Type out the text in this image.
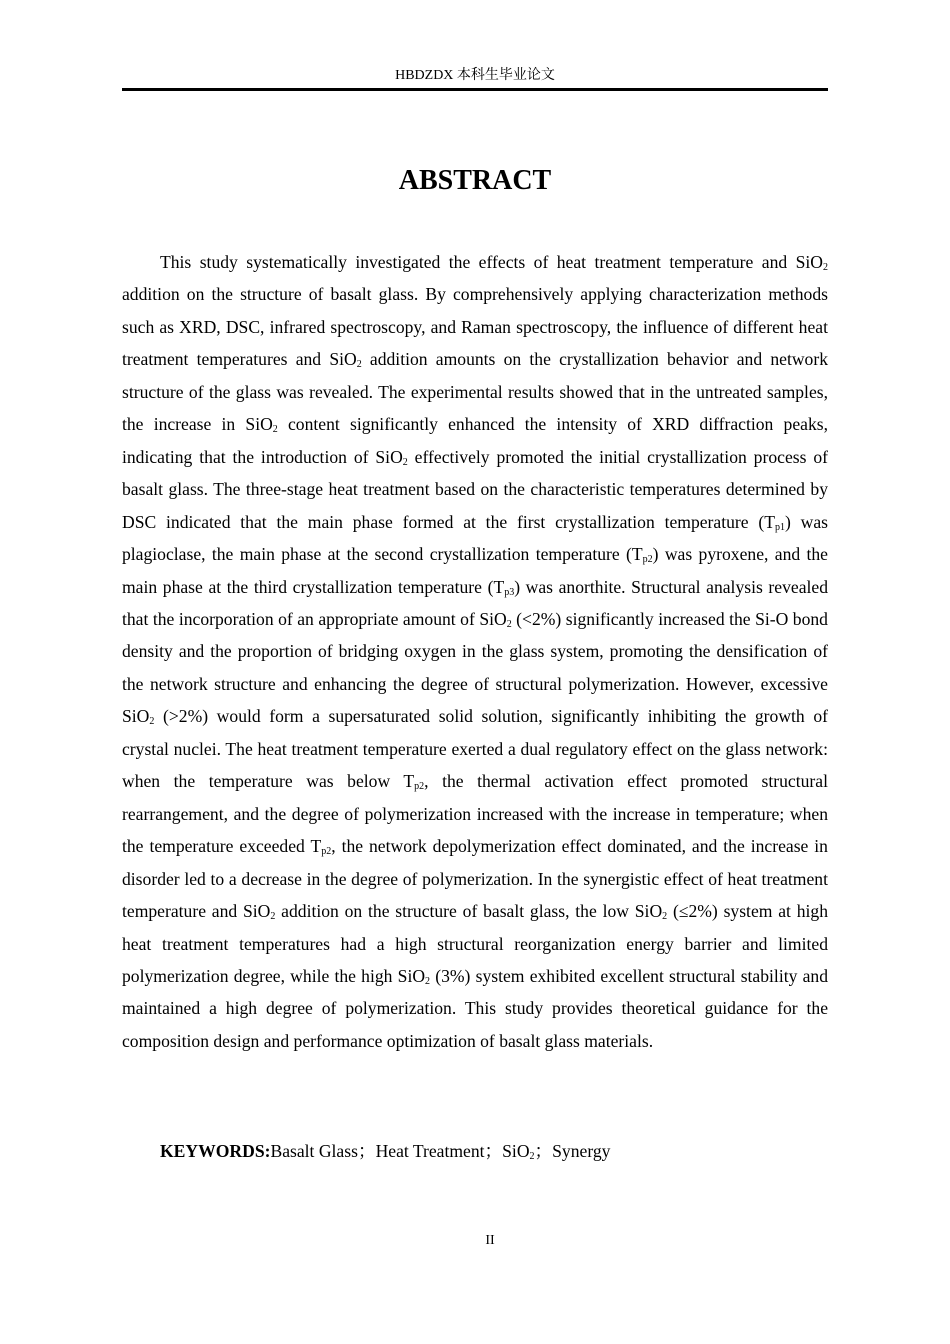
HBDZDX 本科生毕业论文
ABSTRACT

This study systematically investigated the effects of heat treatment temperature and SiO$_2$ addition on the structure of basalt glass. By comprehensively applying characterization methods such as XRD, DSC, infrared spectroscopy, and Raman spectroscopy, the influence of different heat treatment temperatures and SiO$_2$ addition amounts on the crystallization behavior and network structure of the glass was revealed. The experimental results showed that in the untreated samples, the increase in SiO$_2$ content significantly enhanced the intensity of XRD diffraction peaks, indicating that the introduction of SiO$_2$ effectively promoted the initial crystallization process of basalt glass. The three-stage heat treatment based on the characteristic temperatures determined by DSC indicated that the main phase formed at the first crystallization temperature $(T_{p1})$ was plagioclase, the main phase at the second crystallization temperature $(T_{p2})$ was pyroxene, and the main phase at the third crystallization temperature $(T_{p3})$ was anorthite. Structural analysis revealed that the incorporation of an appropriate amount of SiO$_2$ (<2%) significantly increased the Si-O bond density and the proportion of bridging oxygen in the glass system, promoting the densification of the network structure and enhancing the degree of structural polymerization. However, excessive SiO$_2$ (>2%) would form a supersaturated solid solution, significantly inhibiting the growth of crystal nuclei. The heat treatment temperature exerted a dual regulatory effect on the glass network: when the temperature was below $T_{p2}$, the thermal activation effect promoted structural rearrangement, and the degree of polymerization increased with the increase in temperature; when the temperature exceeded $T_{p2}$, the network depolymerization effect dominated, and the increase in disorder led to a decrease in the degree of polymerization. In the synergistic effect of heat treatment temperature and SiO$_2$ addition on the structure of basalt glass, the low SiO$_2$ (≤2%) system at high heat treatment temperatures had a high structural reorganization energy barrier and limited polymerization degree, while the high SiO$_2$ (3%) system exhibited excellent structural stability and maintained a high degree of polymerization. This study provides theoretical guidance for the composition design and performance optimization of basalt glass materials.

KEYWORDS:Basalt Glass；Heat Treatment；SiO$_2$；Synergy

II
